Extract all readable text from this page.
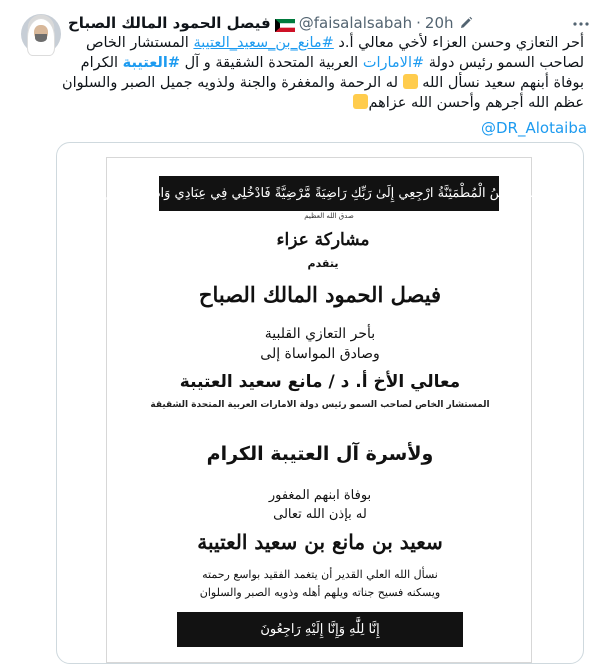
فيصل الحمود المالك الصباح @faisalalsabah · 20h
أحر التعازي وحسن العزاء لأخي معالي أ.د #مانع_بن_سعيد_العتيبة المستشار الخاص
لصاحب السمو رئيس دولة #الامارات العربية المتحدة الشقيقة و آل #العتيبة الكرام
بوفاة أبنهم سعيد نسأل الله  له الرحمة والمغفرة والجنة ولذويه جميل الصبر والسلوان
عظم الله أجرهم وأحسن الله عزاهم
@DR_Alotaiba
يَاأَيَّتُهَا النَّفْسُ الْمُطْمَئِنَّةُ ارْجِعِي إِلَىٰ رَبِّكِ رَاضِيَةً مَّرْضِيَّةً فَادْخُلِي فِي عِبَادِي وَادْخُلِي جَنَّتِي
صدق الله العظيم
مشاركة عزاء
يتقدم
فيصل الحمود المالك الصباح
بأحر التعازي القلبية
وصادق المواساة إلى
معالي الأخ أ. د / مانع سعيد العتيبة
المستشار الخاص لصاحب السمو رئيس دولة الامارات العربية المتحدة الشقيقة
ولأسرة آل العتيبة الكرام
بوفاة ابنهم المغفور
له بإذن الله تعالى
سعيد بن مانع بن سعيد العتيبة
نسأل الله العلي القدير أن يتغمد الفقيد بواسع رحمته
ويسكنه فسيح جناته ويلهم أهله وذويه الصبر والسلوان
إِنَّا لِلَّٰهِ وَإِنَّا إِلَيْهِ رَاجِعُونَ
